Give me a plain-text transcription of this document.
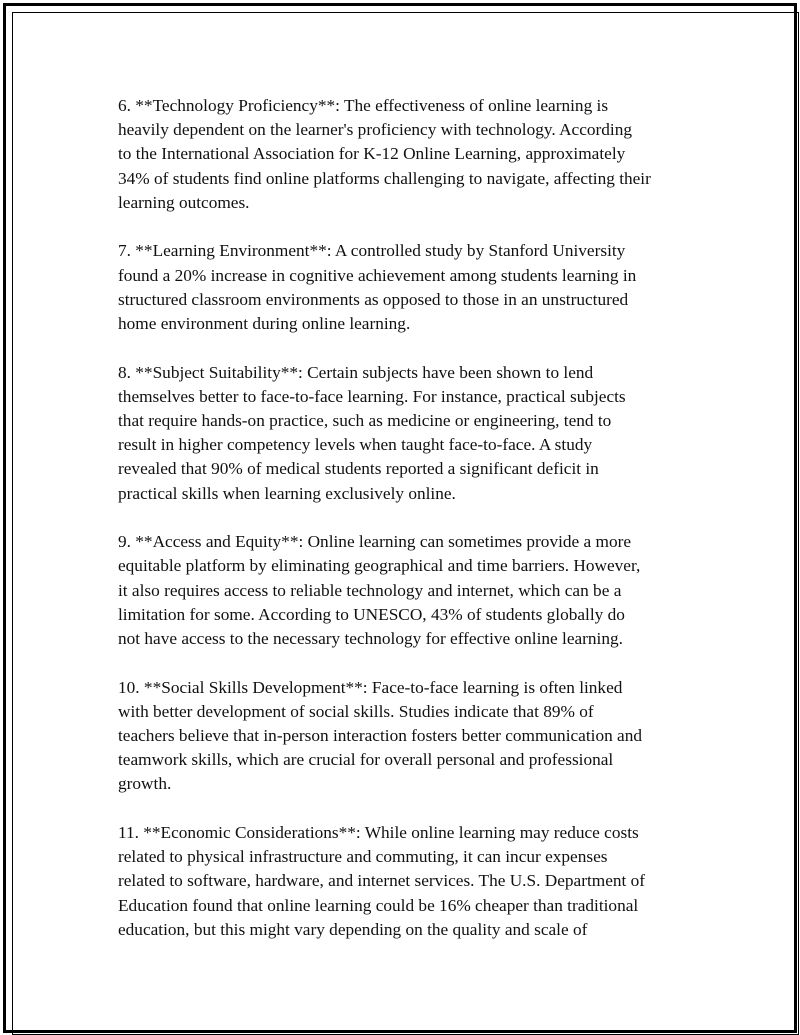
6. **Technology Proficiency**: The effectiveness of online learning is
heavily dependent on the learner's proficiency with technology. According
to the International Association for K-12 Online Learning, approximately
34% of students find online platforms challenging to navigate, affecting their
learning outcomes.

7. **Learning Environment**: A controlled study by Stanford University
found a 20% increase in cognitive achievement among students learning in
structured classroom environments as opposed to those in an unstructured
home environment during online learning.

8. **Subject Suitability**: Certain subjects have been shown to lend
themselves better to face-to-face learning. For instance, practical subjects
that require hands-on practice, such as medicine or engineering, tend to
result in higher competency levels when taught face-to-face. A study
revealed that 90% of medical students reported a significant deficit in
practical skills when learning exclusively online.

9. **Access and Equity**: Online learning can sometimes provide a more
equitable platform by eliminating geographical and time barriers. However,
it also requires access to reliable technology and internet, which can be a
limitation for some. According to UNESCO, 43% of students globally do
not have access to the necessary technology for effective online learning.

10. **Social Skills Development**: Face-to-face learning is often linked
with better development of social skills. Studies indicate that 89% of
teachers believe that in-person interaction fosters better communication and
teamwork skills, which are crucial for overall personal and professional
growth.

11. **Economic Considerations**: While online learning may reduce costs
related to physical infrastructure and commuting, it can incur expenses
related to software, hardware, and internet services. The U.S. Department of
Education found that online learning could be 16% cheaper than traditional
education, but this might vary depending on the quality and scale of
